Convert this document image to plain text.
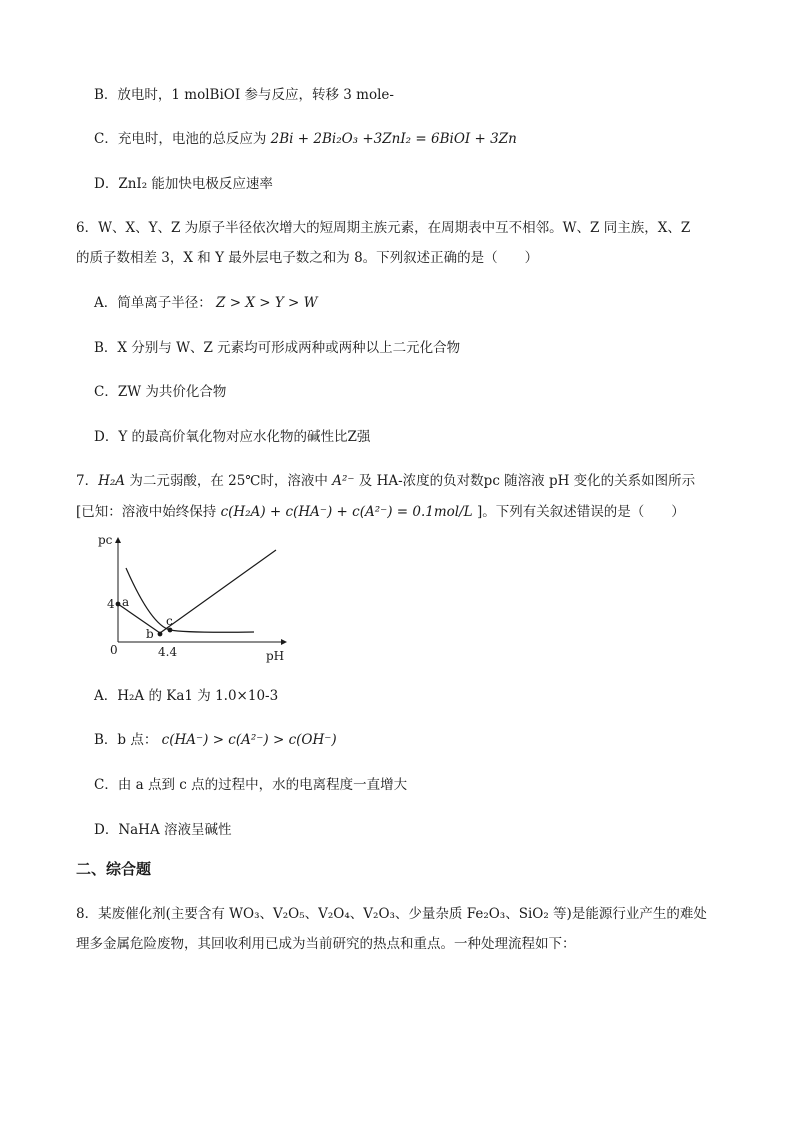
B．放电时，1 molBiOI 参与反应，转移 3 mole-
C．充电时，电池的总反应为 2Bi + 2Bi₂O₃ +3ZnI₂ = 6BiOI + 3Zn
D．ZnI₂ 能加快电极反应速率
6．W、X、Y、Z 为原子半径依次增大的短周期主族元素，在周期表中互不相邻。W、Z 同主族，X、Z
的质子数相差 3，X 和 Y 最外层电子数之和为 8。下列叙述正确的是（　　）
A．简单离子半径： Z > X > Y > W
B．X 分别与 W、Z 元素均可形成两种或两种以上二元化合物
C．ZW 为共价化合物
D．Y 的最高价氧化物对应水化物的碱性比Z强
7．H₂A 为二元弱酸，在 25℃时，溶液中 A²⁻ 及 HA-浓度的负对数pc 随溶液 pH 变化的关系如图所示
[已知：溶液中始终保持 c(H₂A) + c(HA⁻) + c(A²⁻) = 0.1mol/L ]。下列有关叙述错误的是（　　）
pc
pH
0
4
4.4
a
b
c
A．H₂A 的 Ka1 为 1.0×10-3
B．b 点： c(HA⁻) > c(A²⁻) > c(OH⁻)
C．由 a 点到 c 点的过程中，水的电离程度一直增大
D．NaHA 溶液呈碱性
二、综合题
8．某废催化剂(主要含有 WO₃、V₂O₅、V₂O₄、V₂O₃、少量杂质 Fe₂O₃、SiO₂ 等)是能源行业产生的难处
理多金属危险废物，其回收利用已成为当前研究的热点和重点。一种处理流程如下：
